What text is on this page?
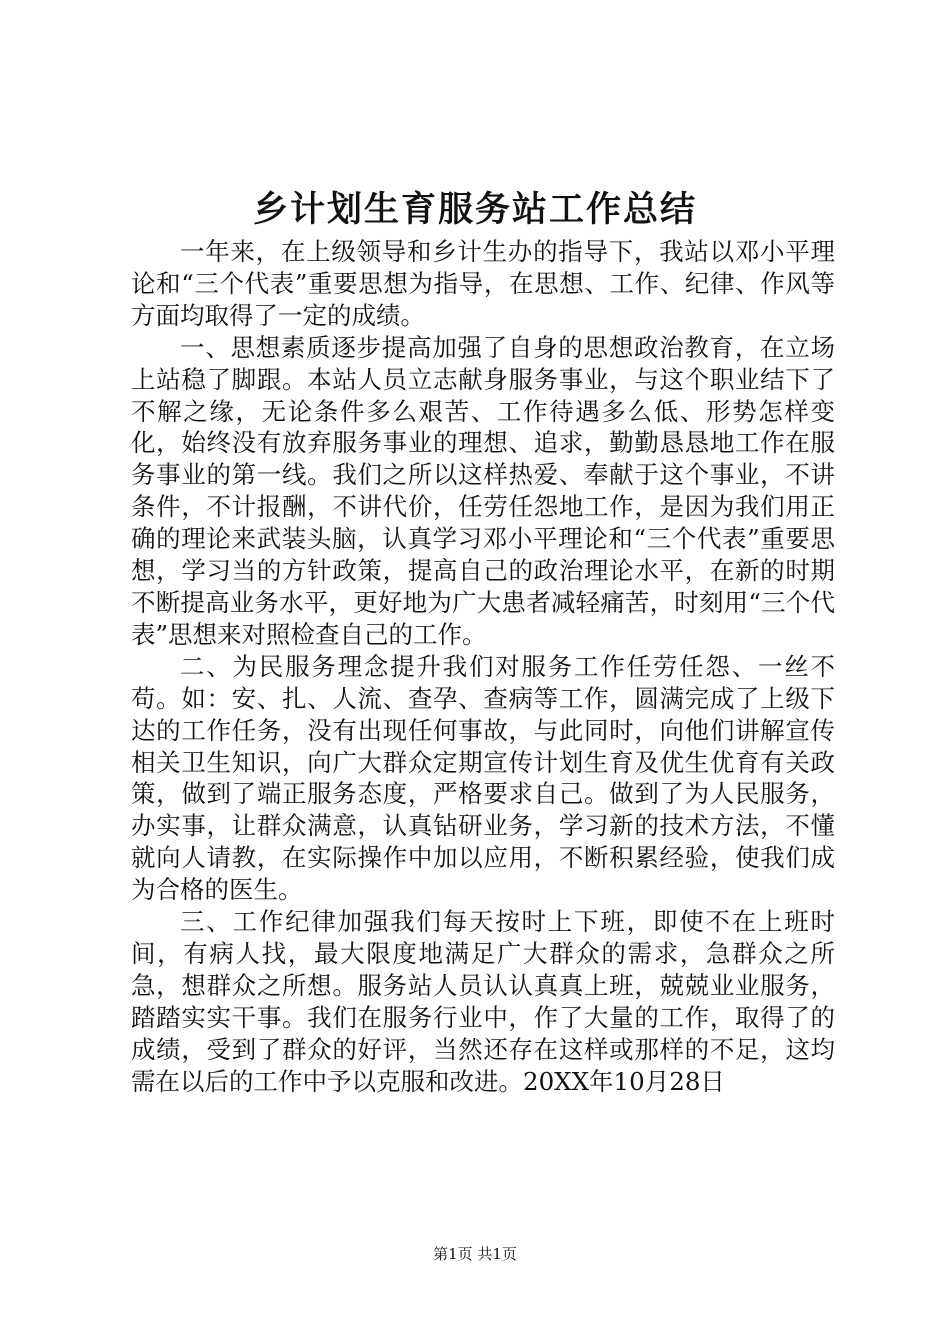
乡计划生育服务站工作总结

一年来，在上级领导和乡计生办的指导下，我站以邓小平理论和“三个代表”重要思想为指导，在思想、工作、纪律、作风等方面均取得了一定的成绩。

一、思想素质逐步提高加强了自身的思想政治教育，在立场上站稳了脚跟。本站人员立志献身服务事业，与这个职业结下了不解之缘，无论条件多么艰苦、工作待遇多么低、形势怎样变化，始终没有放弃服务事业的理想、追求，勤勤恳恳地工作在服务事业的第一线。我们之所以这样热爱、奉献于这个事业，不讲条件，不计报酬，不讲代价，任劳任怨地工作，是因为我们用正确的理论来武装头脑，认真学习邓小平理论和“三个代表”重要思想，学习当的方针政策，提高自己的政治理论水平，在新的时期不断提高业务水平，更好地为广大患者减轻痛苦，时刻用“三个代表”思想来对照检查自己的工作。

二、为民服务理念提升我们对服务工作任劳任怨、一丝不苟。如：安、扎、人流、查孕、查病等工作，圆满完成了上级下达的工作任务，没有出现任何事故，与此同时，向他们讲解宣传相关卫生知识，向广大群众定期宣传计划生育及优生优育有关政策，做到了端正服务态度，严格要求自己。做到了为人民服务，办实事，让群众满意，认真钻研业务，学习新的技术方法，不懂就向人请教，在实际操作中加以应用，不断积累经验，使我们成为合格的医生。

三、工作纪律加强我们每天按时上下班，即使不在上班时间，有病人找，最大限度地满足广大群众的需求，急群众之所急，想群众之所想。服务站人员认认真真上班，兢兢业业服务，踏踏实实干事。我们在服务行业中，作了大量的工作，取得了的成绩，受到了群众的好评，当然还存在这样或那样的不足，这均需在以后的工作中予以克服和改进。20XX年10月28日

第1页 共1页
